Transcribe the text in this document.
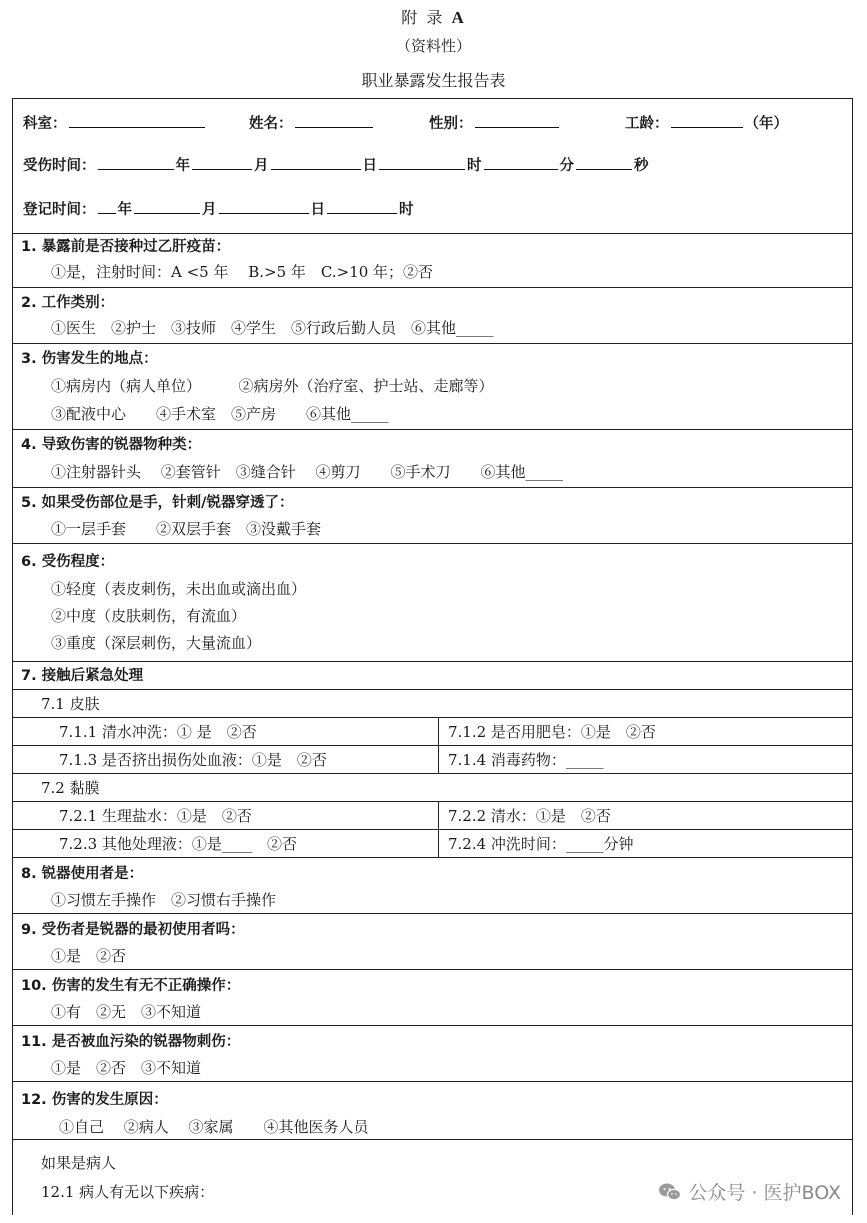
附 录 A
（资料性）
职业暴露发生报告表
科室：	姓名：	性别：	工龄：	（年）
受伤时间：	年	月	日	时	分	秒
登记时间： 年	月	日	时
1. 暴露前是否接种过乙肝疫苗：
①是，注射时间：A <5 年　 B.>5 年　C.>10 年；②否
2. 工作类别：
①医生　②护士　③技师　④学生　⑤行政后勤人员　⑥其他_____
3. 伤害发生的地点：
①病房内（病人单位）　　　②病房外（治疗室、护士站、走廊等）
③配液中心　　④手术室　⑤产房　　⑥其他_____
4. 导致伤害的锐器物种类：
①注射器针头　 ②套管针　③缝合针　 ④剪刀　　⑤手术刀　　⑥其他_____
5. 如果受伤部位是手，针刺/锐器穿透了：
①一层手套　　②双层手套　③没戴手套
6. 受伤程度：
①轻度（表皮刺伤，未出血或滴出血）
②中度（皮肤刺伤，有流血）
③重度（深层刺伤，大量流血）
7. 接触后紧急处理
7.1 皮肤
7.1.1 清水冲洗：① 是　②否	7.1.2 是否用肥皂：①是　②否
7.1.3 是否挤出损伤处血液：①是　②否	7.1.4 消毒药物：_____
7.2 黏膜
7.2.1 生理盐水：①是　②否	7.2.2 清水：①是　②否
7.2.3 其他处理液：①是____　②否	7.2.4 冲洗时间：_____分钟
8. 锐器使用者是：
①习惯左手操作　②习惯右手操作
9. 受伤者是锐器的最初使用者吗：
①是　②否
10. 伤害的发生有无不正确操作：
①有　②无　③不知道
11. 是否被血污染的锐器物刺伤：
①是　②否　③不知道
12. 伤害的发生原因：
①自己　 ②病人　 ③家属　　④其他医务人员
如果是病人
12.1 病人有无以下疾病：	公众号 · 医护BOX
